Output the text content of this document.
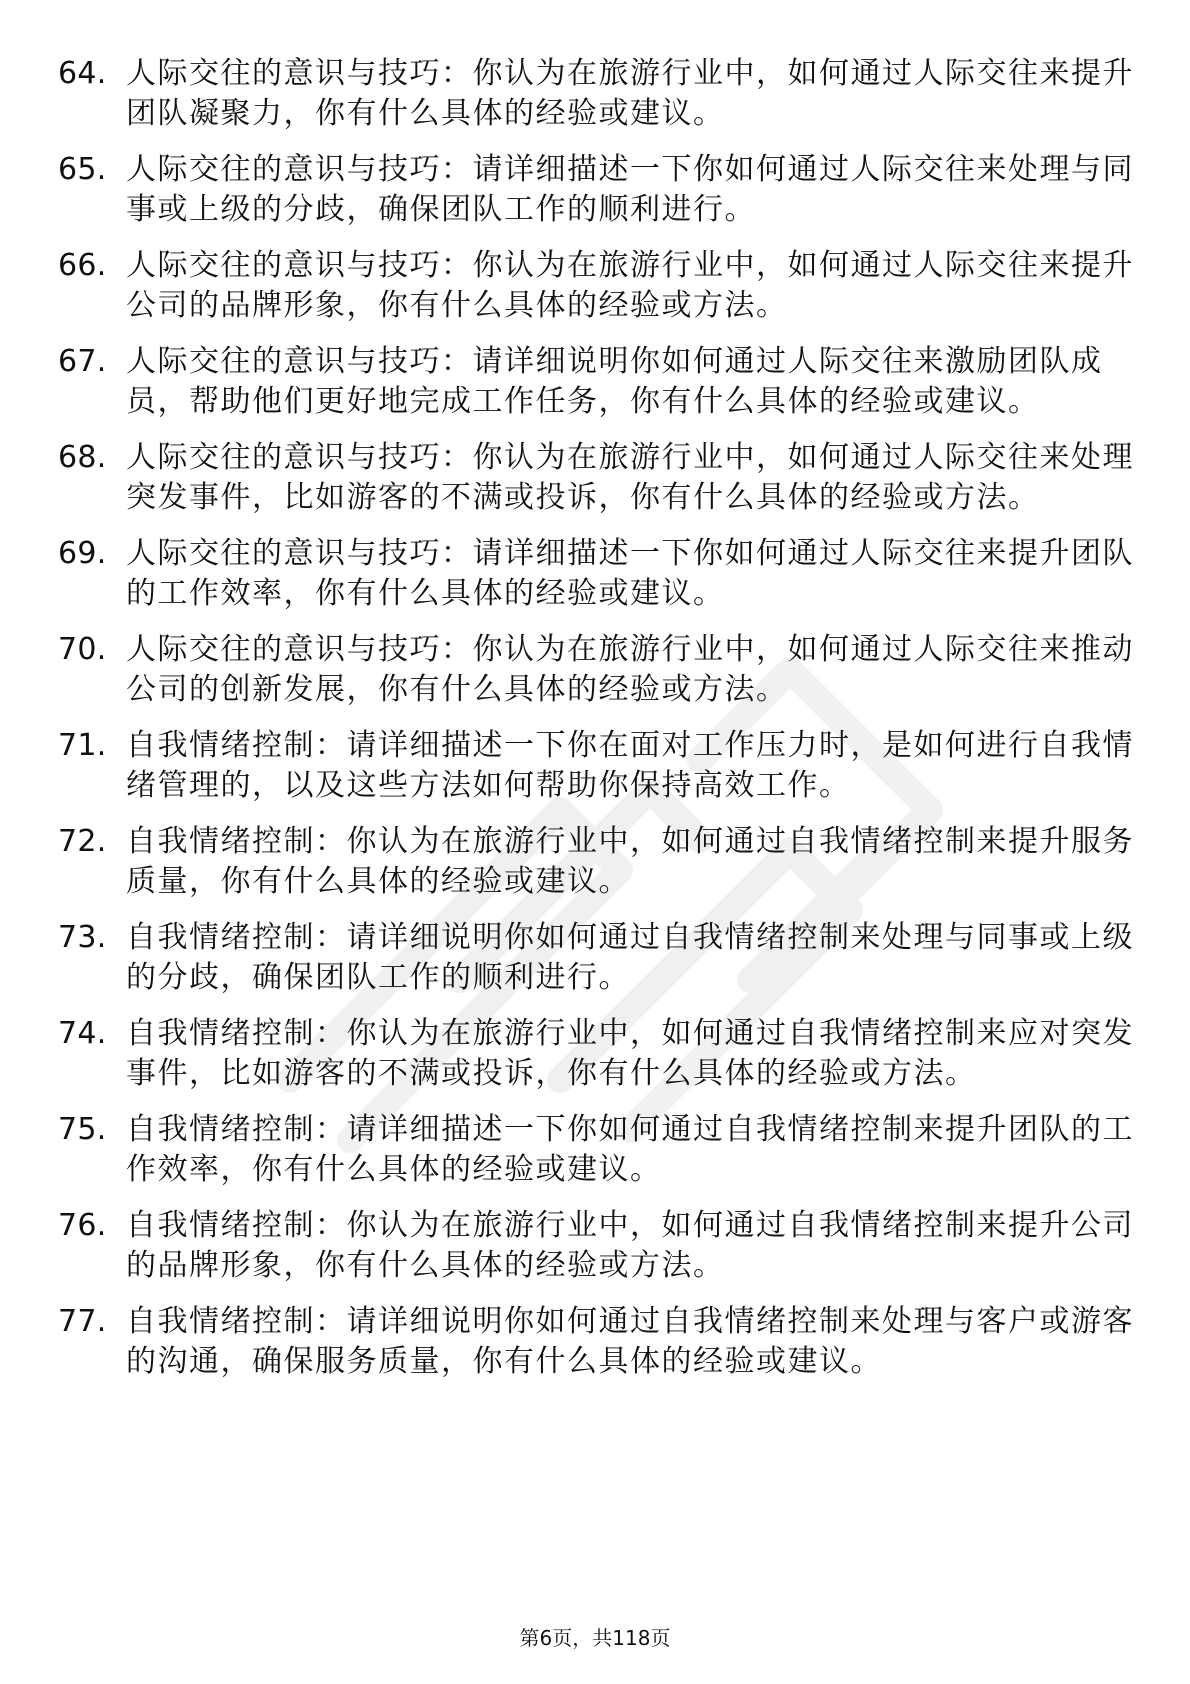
64. 人际交往的意识与技巧：你认为在旅游行业中，如何通过人际交往来提升团队凝聚力，你有什么具体的经验或建议。
65. 人际交往的意识与技巧：请详细描述一下你如何通过人际交往来处理与同事或上级的分歧，确保团队工作的顺利进行。
66. 人际交往的意识与技巧：你认为在旅游行业中，如何通过人际交往来提升公司的品牌形象，你有什么具体的经验或方法。
67. 人际交往的意识与技巧：请详细说明你如何通过人际交往来激励团队成员，帮助他们更好地完成工作任务，你有什么具体的经验或建议。
68. 人际交往的意识与技巧：你认为在旅游行业中，如何通过人际交往来处理突发事件，比如游客的不满或投诉，你有什么具体的经验或方法。
69. 人际交往的意识与技巧：请详细描述一下你如何通过人际交往来提升团队的工作效率，你有什么具体的经验或建议。
70. 人际交往的意识与技巧：你认为在旅游行业中，如何通过人际交往来推动公司的创新发展，你有什么具体的经验或方法。
71. 自我情绪控制：请详细描述一下你在面对工作压力时，是如何进行自我情绪管理的，以及这些方法如何帮助你保持高效工作。
72. 自我情绪控制：你认为在旅游行业中，如何通过自我情绪控制来提升服务质量，你有什么具体的经验或建议。
73. 自我情绪控制：请详细说明你如何通过自我情绪控制来处理与同事或上级的分歧，确保团队工作的顺利进行。
74. 自我情绪控制：你认为在旅游行业中，如何通过自我情绪控制来应对突发事件，比如游客的不满或投诉，你有什么具体的经验或方法。
75. 自我情绪控制：请详细描述一下你如何通过自我情绪控制来提升团队的工作效率，你有什么具体的经验或建议。
76. 自我情绪控制：你认为在旅游行业中，如何通过自我情绪控制来提升公司的品牌形象，你有什么具体的经验或方法。
77. 自我情绪控制：请详细说明你如何通过自我情绪控制来处理与客户或游客的沟通，确保服务质量，你有什么具体的经验或建议。
第6页，共118页
